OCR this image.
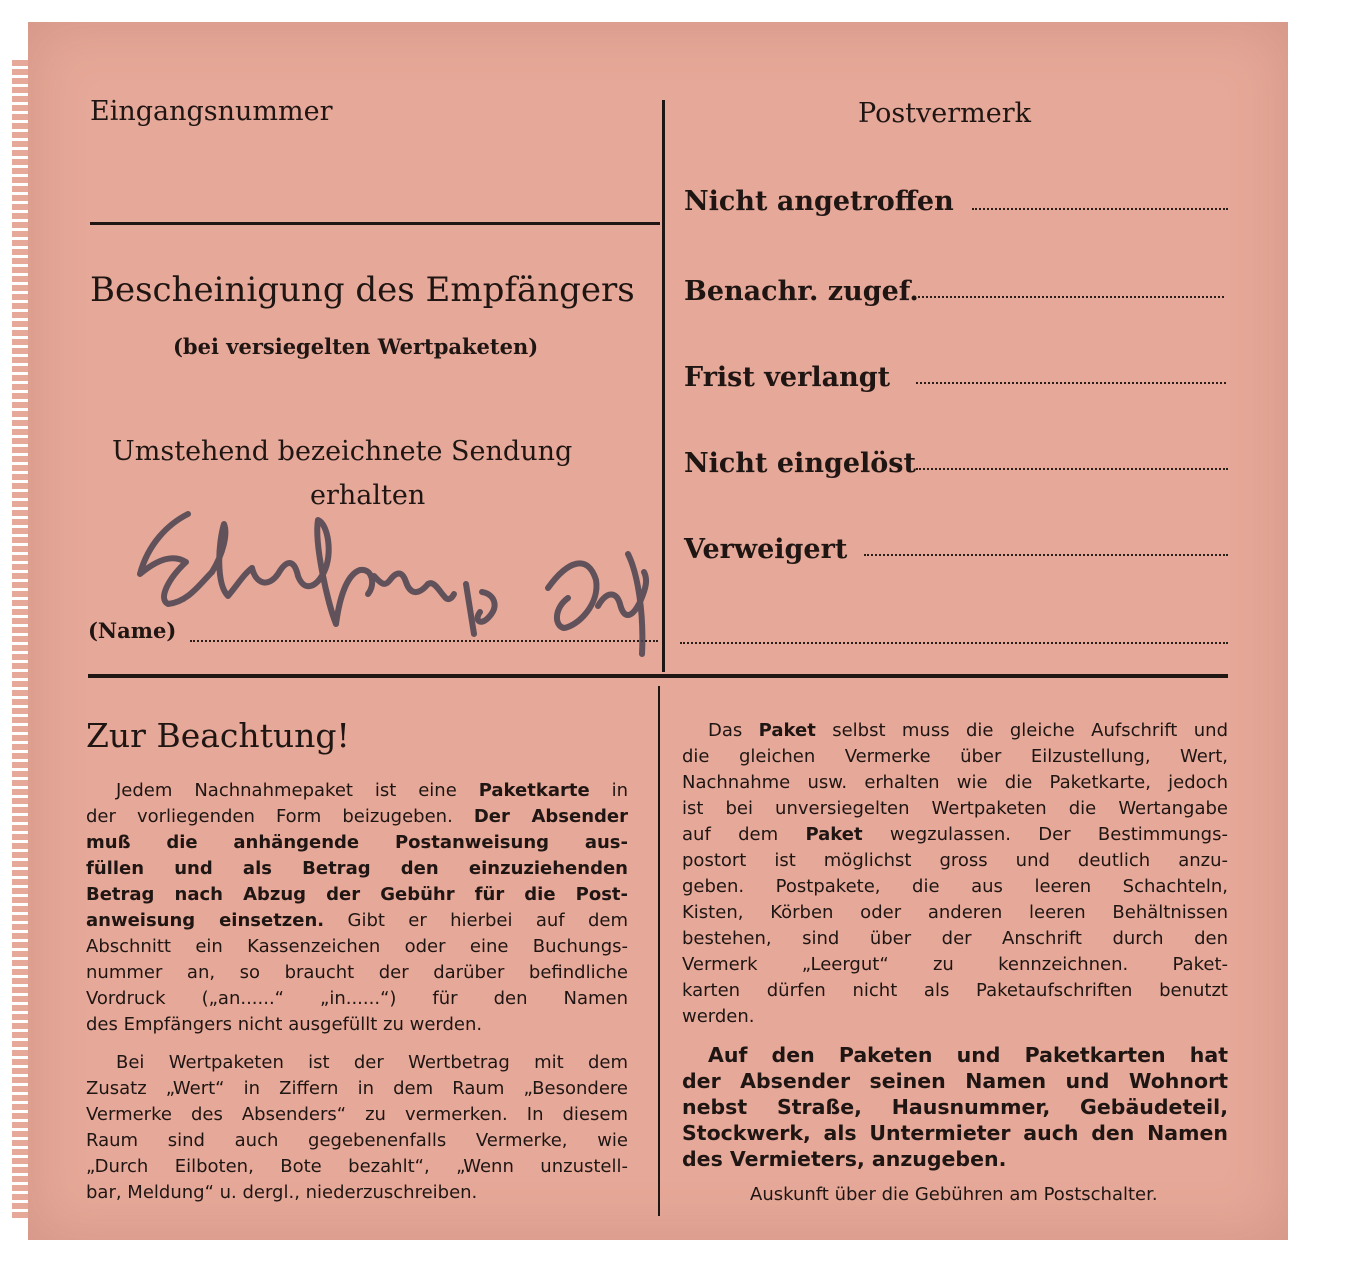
Eingangsnummer
Bescheinigung des Empfängers
(bei versiegelten Wertpaketen)
Umstehend bezeichnete Sendung
erhalten
(Name)
Postvermerk
Nicht angetroffen
Benachr. zugef.
Frist verlangt
Nicht eingelöst
Verweigert
Zur Beachtung!
Jedem Nachnahmepaket ist eine Paketkarte in
der vorliegenden Form beizugeben. Der Absender
muß die anhängende Postanweisung aus-
füllen und als Betrag den einzuziehenden
Betrag nach Abzug der Gebühr für die Post-
anweisung einsetzen. Gibt er hierbei auf dem
Abschnitt ein Kassenzeichen oder eine Buchungs-
nummer an, so braucht der darüber befindliche
Vordruck („an......“ „in......“) für den Namen
des Empfängers nicht ausgefüllt zu werden.
Bei Wertpaketen ist der Wertbetrag mit dem
Zusatz „Wert“ in Ziffern in dem Raum „Besondere
Vermerke des Absenders“ zu vermerken. In diesem
Raum sind auch gegebenenfalls Vermerke, wie
„Durch Eilboten, Bote bezahlt“, „Wenn unzustell-
bar, Meldung“ u. dergl., niederzuschreiben.
Das Paket selbst muss die gleiche Aufschrift und
die gleichen Vermerke über Eilzustellung, Wert,
Nachnahme usw. erhalten wie die Paketkarte, jedoch
ist bei unversiegelten Wertpaketen die Wertangabe
auf dem Paket wegzulassen. Der Bestimmungs-
postort ist möglichst gross und deutlich anzu-
geben. Postpakete, die aus leeren Schachteln,
Kisten, Körben oder anderen leeren Behältnissen
bestehen, sind über der Anschrift durch den
Vermerk „Leergut“ zu kennzeichnen. Paket-
karten dürfen nicht als Paketaufschriften benutzt
werden.
Auf den Paketen und Paketkarten hat
der Absender seinen Namen und Wohnort
nebst Straße, Hausnummer, Gebäudeteil,
Stockwerk, als Untermieter auch den Namen
des Vermieters, anzugeben.
Auskunft über die Gebühren am Postschalter.
